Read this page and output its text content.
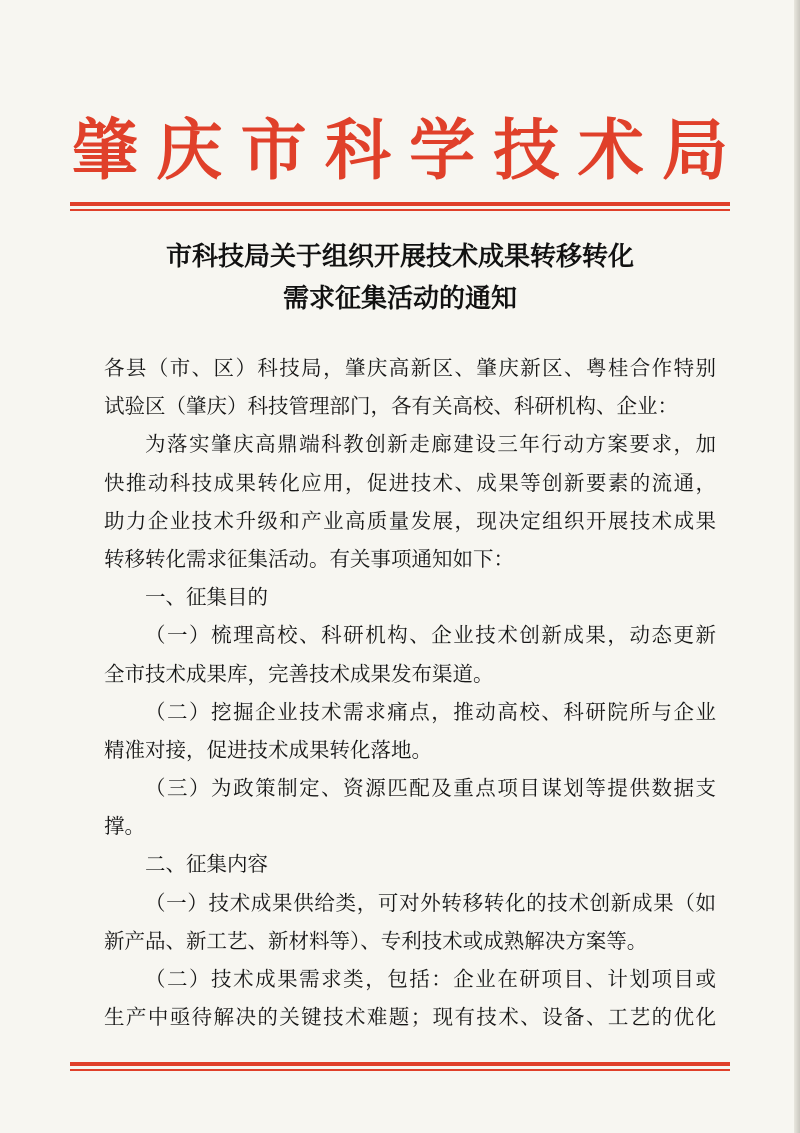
肇 庆 市 科 学 技 术 局
市科技局关于组织开展技术成果转移转化
需求征集活动的通知
各县（市、区）科技局，肇庆高新区、肇庆新区、粤桂合作特别
试验区（肇庆）科技管理部门，各有关高校、科研机构、企业：
为落实肇庆高鼎端科教创新走廊建设三年行动方案要求，加
快推动科技成果转化应用，促进技术、成果等创新要素的流通，
助力企业技术升级和产业高质量发展，现决定组织开展技术成果
转移转化需求征集活动。有关事项通知如下：
一、征集目的
（一）梳理高校、科研机构、企业技术创新成果，动态更新
全市技术成果库，完善技术成果发布渠道。
（二）挖掘企业技术需求痛点，推动高校、科研院所与企业
精准对接，促进技术成果转化落地。
（三）为政策制定、资源匹配及重点项目谋划等提供数据支
撑。
二、征集内容
（一）技术成果供给类，可对外转移转化的技术创新成果（如
新产品、新工艺、新材料等）、专利技术或成熟解决方案等。
（二）技术成果需求类，包括：企业在研项目、计划项目或
生产中亟待解决的关键技术难题；现有技术、设备、工艺的优化
